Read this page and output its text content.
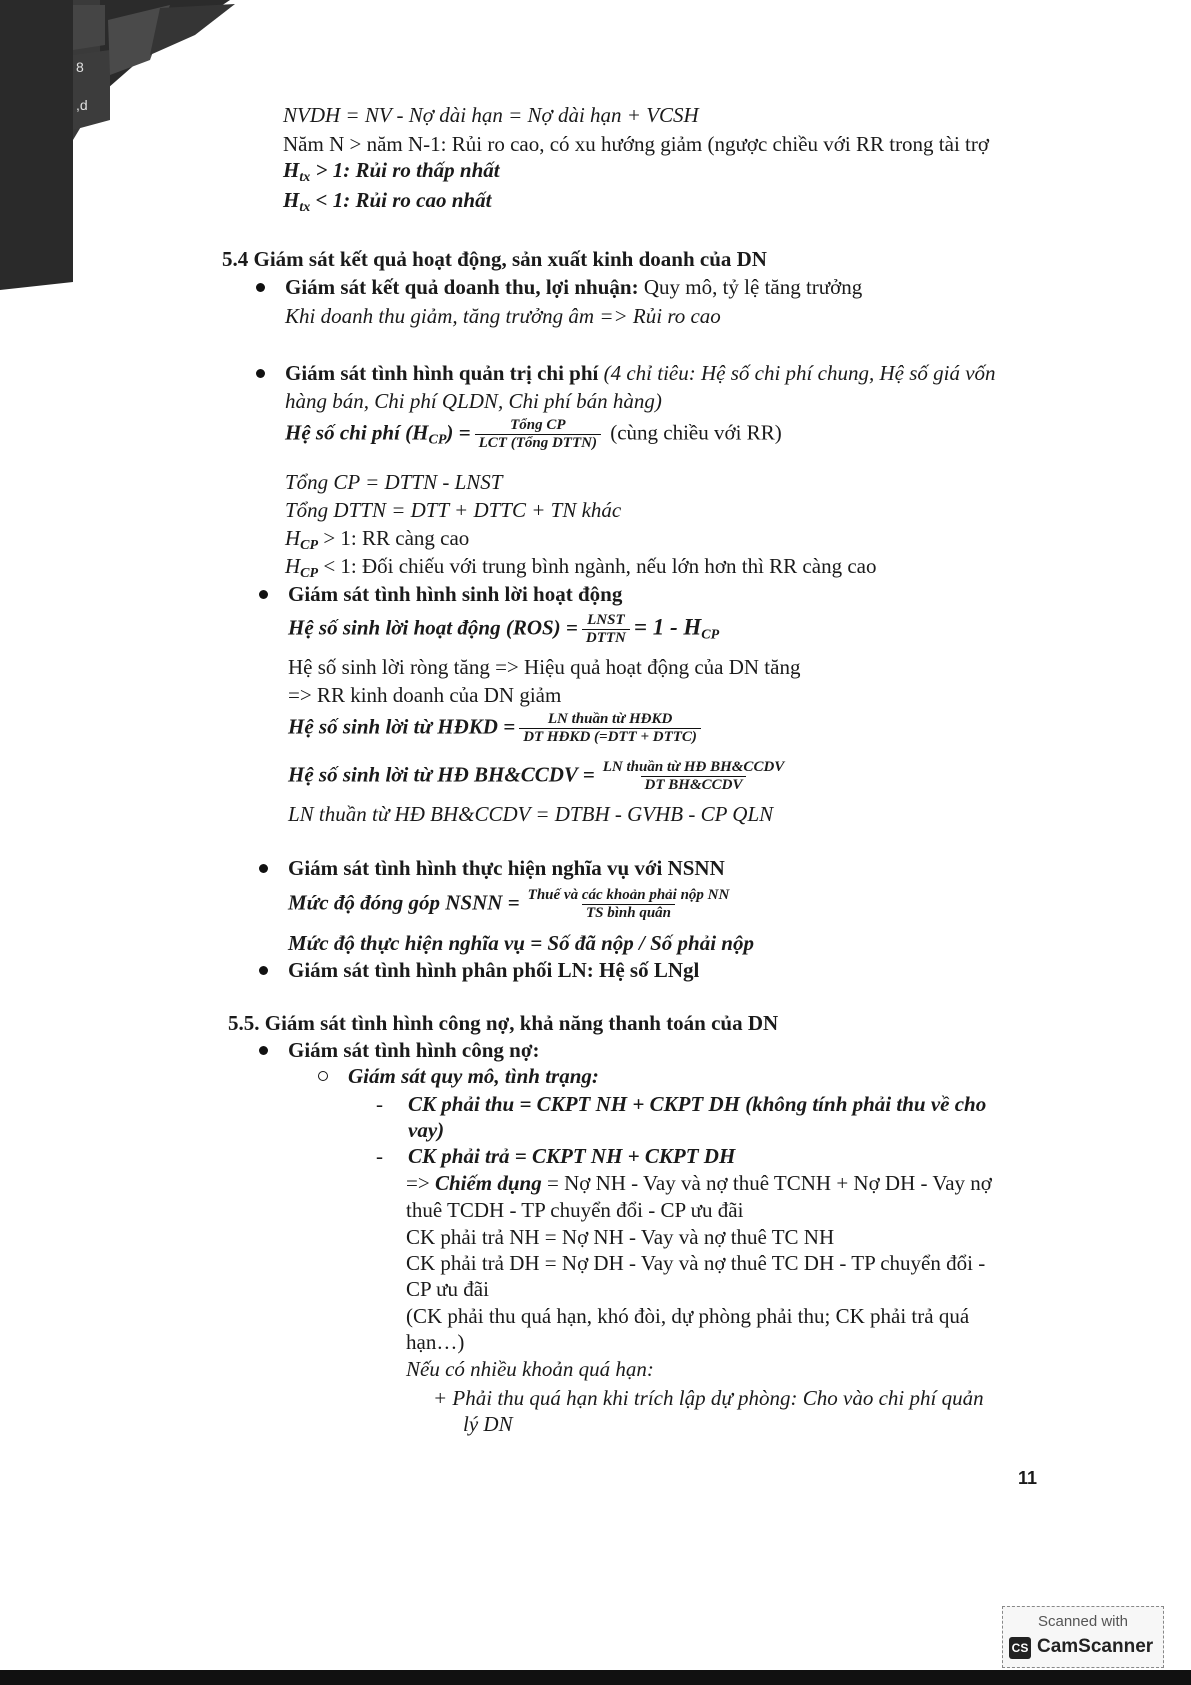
8
,d	NVDH = NV - Nợ dài hạn = Nợ dài hạn + VCSH
Năm N > năm N-1: Rủi ro cao, có xu hướng giảm (ngược chiều với RR trong tài trợ
$H_{tx} > 1$: Rủi ro thấp nhất
$H_{tx} < 1$: Rủi ro cao nhất
5.4 Giám sát kết quả hoạt động, sản xuất kinh doanh của DN
Giám sát kết quả doanh thu, lợi nhuận: Quy mô, tỷ lệ tăng trưởng
Khi doanh thu giảm, tăng trưởng âm => Rủi ro cao
Giám sát tình hình quản trị chi phí (4 chỉ tiêu: Hệ số chi phí chung, Hệ số giá vốn
hàng bán, Chi phí QLDN, Chi phí bán hàng)
Hệ số chi phí $(H_{CP}) = \frac{\text{Tổng CP}}{\text{LCT (Tổng DTTN)}}$ (cùng chiều với RR)
Tổng CP = DTTN - LNST
Tổng DTTN = DTT + DTTC + TN khác
$H_{CP} > 1$: RR càng cao
$H_{CP} < 1$: Đối chiếu với trung bình ngành, nếu lớn hơn thì RR càng cao
Giám sát tình hình sinh lời hoạt động
Hệ số sinh lời hoạt động $(ROS) = \frac{\text{LNST}}{\text{DTTN}} = 1 - H_{CP}$
Hệ số sinh lời ròng tăng => Hiệu quả hoạt động của DN tăng
=> RR kinh doanh của DN giảm
Hệ số sinh lời từ HĐKD = $\frac{\text{LN thuần từ HĐKD}}{\text{DT HĐKD (=DTT + DTTC)}}$
Hệ số sinh lời từ HĐ BH&CCDV = $\frac{\text{LN thuần từ HĐ BH\&CCDV}}{\text{DT BH\&CCDV}}$
LN thuần từ HĐ BH&CCDV = DTBH - GVHB - CP QLN
Giám sát tình hình thực hiện nghĩa vụ với NSNN
Mức độ đóng góp NSNN = $\frac{\text{Thuế và các khoản phải nộp NN}}{\text{TS bình quân}}$
Mức độ thực hiện nghĩa vụ = Số đã nộp / Số phải nộp
Giám sát tình hình phân phối LN: Hệ số LNgl
5.5. Giám sát tình hình công nợ, khả năng thanh toán của DN
Giám sát tình hình công nợ:
Giám sát quy mô, tình trạng:
- CK phải thu = CKPT NH + CKPT DH (không tính phải thu về cho
vay)
- CK phải trả = CKPT NH + CKPT DH
=> Chiếm dụng = Nợ NH - Vay và nợ thuê TCNH + Nợ DH - Vay nợ
thuê TCDH - TP chuyển đổi - CP ưu đãi
CK phải trả NH = Nợ NH - Vay và nợ thuê TC NH
CK phải trả DH = Nợ DH - Vay và nợ thuê TC DH - TP chuyển đổi -
CP ưu đãi
(CK phải thu quá hạn, khó đòi, dự phòng phải thu; CK phải trả quá
hạn…)
Nếu có nhiều khoản quá hạn:
+ Phải thu quá hạn khi trích lập dự phòng: Cho vào chi phí quản
lý DN
11
Scanned with
CS CamScanner
